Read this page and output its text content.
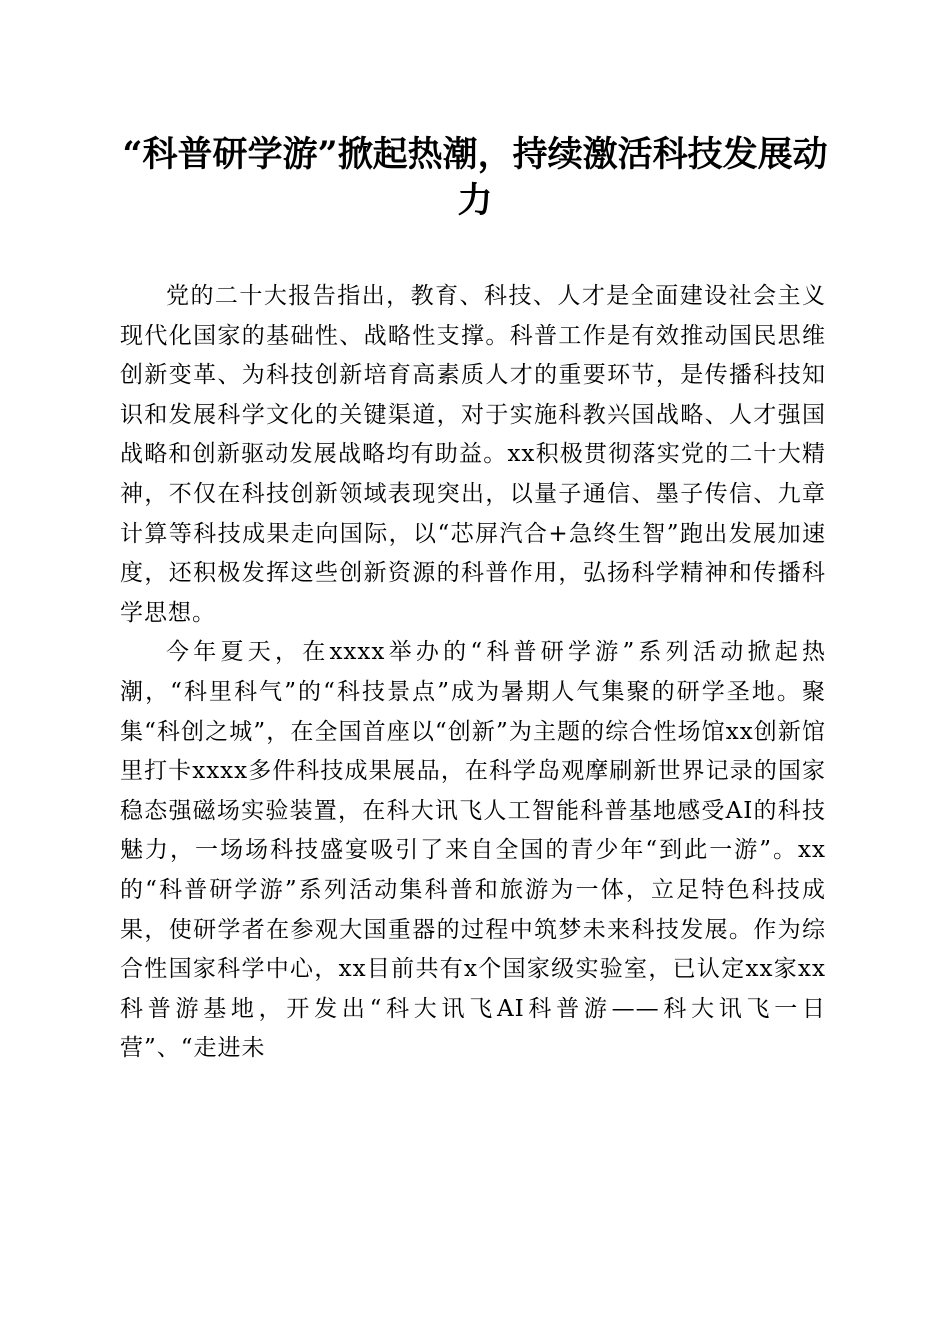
“科普研学游”掀起热潮，持续激活科技发展动力

党的二十大报告指出，教育、科技、人才是全面建设社会主义现代化国家的基础性、战略性支撑。科普工作是有效推动国民思维创新变革、为科技创新培育高素质人才的重要环节，是传播科技知识和发展科学文化的关键渠道，对于实施科教兴国战略、人才强国战略和创新驱动发展战略均有助益。xx积极贯彻落实党的二十大精神，不仅在科技创新领域表现突出，以量子通信、墨子传信、九章计算等科技成果走向国际，以“芯屏汽合+急终生智”跑出发展加速度，还积极发挥这些创新资源的科普作用，弘扬科学精神和传播科学思想。

今年夏天，在xxxx举办的“科普研学游”系列活动掀起热潮，“科里科气”的“科技景点”成为暑期人气集聚的研学圣地。聚集“科创之城”，在全国首座以“创新”为主题的综合性场馆xx创新馆里打卡xxxx多件科技成果展品，在科学岛观摩刷新世界记录的国家稳态强磁场实验装置，在科大讯飞人工智能科普基地感受AI的科技魅力，一场场科技盛宴吸引了来自全国的青少年“到此一游”。xx的“科普研学游”系列活动集科普和旅游为一体，立足特色科技成果，使研学者在参观大国重器的过程中筑梦未来科技发展。作为综合性国家科学中心，xx目前共有x个国家级实验室，已认定xx家xx科普游基地，开发出“科大讯飞AI科普游——科大讯飞一日营”、“走进未
